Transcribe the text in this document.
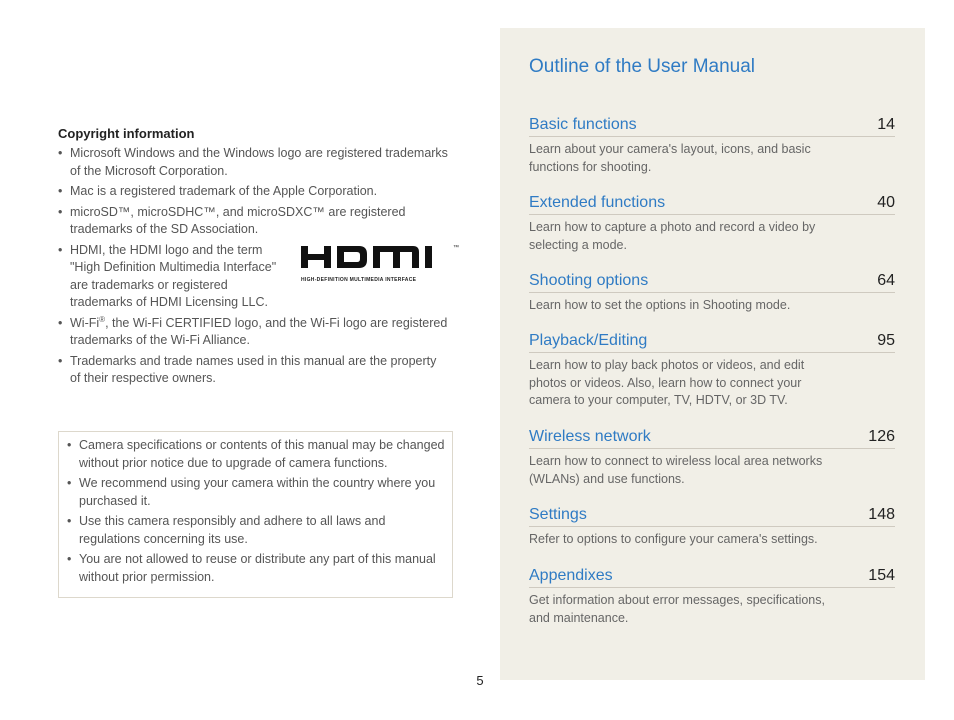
Copyright information
• Microsoft Windows and the Windows logo are registered trademarks of the Microsoft Corporation.
• Mac is a registered trademark of the Apple Corporation.
• microSD™, microSDHC™, and microSDXC™ are registered trademarks of the SD Association.
• HDMI, the HDMI logo and the term "High Definition Multimedia Interface" are trademarks or registered trademarks of HDMI Licensing LLC.
™
HIGH-DEFINITION MULTIMEDIA INTERFACE
• Wi-Fi®, the Wi-Fi CERTIFIED logo, and the Wi-Fi logo are registered trademarks of the Wi-Fi Alliance.
• Trademarks and trade names used in this manual are the property of their respective owners.
• Camera specifications or contents of this manual may be changed without prior notice due to upgrade of camera functions.
• We recommend using your camera within the country where you purchased it.
• Use this camera responsibly and adhere to all laws and regulations concerning its use.
• You are not allowed to reuse or distribute any part of this manual without prior permission.
5
Outline of the User Manual
Basic functions	14
Learn about your camera's layout, icons, and basic functions for shooting.
Extended functions	40
Learn how to capture a photo and record a video by selecting a mode.
Shooting options	64
Learn how to set the options in Shooting mode.
Playback/Editing	95
Learn how to play back photos or videos, and edit photos or videos. Also, learn how to connect your camera to your computer, TV, HDTV, or 3D TV.
Wireless network	126
Learn how to connect to wireless local area networks (WLANs) and use functions.
Settings	148
Refer to options to configure your camera's settings.
Appendixes	154
Get information about error messages, specifications, and maintenance.
